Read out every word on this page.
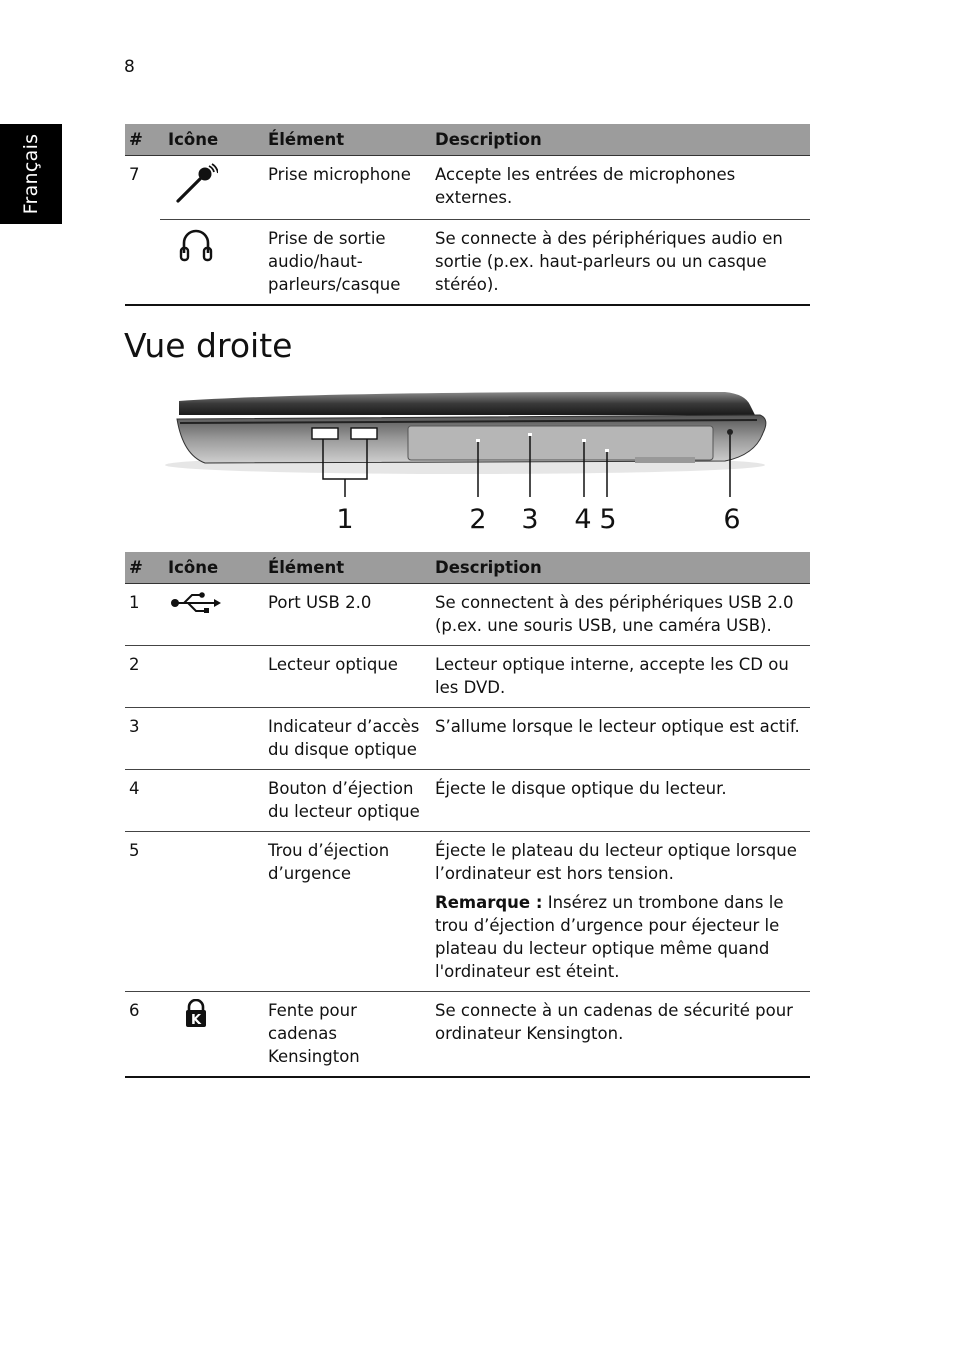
8
Français	#	Icône	Élément	Description
7		Prise microphone	Accepte les entrées de microphones externes.
		Prise de sortie audio/haut-parleurs/casque	Se connecte à des périphériques audio en sortie (p.ex. haut-parleurs ou un casque stéréo).
Vue droite
1	2 3 4 5	6
#	Icône	Élément	Description
1		Port USB 2.0	Se connectent à des périphériques USB 2.0 (p.ex. une souris USB, une caméra USB).
2		Lecteur optique	Lecteur optique interne, accepte les CD ou les DVD.
3		Indicateur d’accès du disque optique	S’allume lorsque le lecteur optique est actif.
4		Bouton d’éjection du lecteur optique	Éjecte le disque optique du lecteur.
5		Trou d’éjection d’urgence	Éjecte le plateau du lecteur optique lorsque l’ordinateur est hors tension.
Remarque : Insérez un trombone dans le trou d’éjection d’urgence pour éjecteur le plateau du lecteur optique même quand l'ordinateur est éteint.

6	K	Fente pour cadenas Kensington	Se connecte à un cadenas de sécurité pour ordinateur Kensington.
